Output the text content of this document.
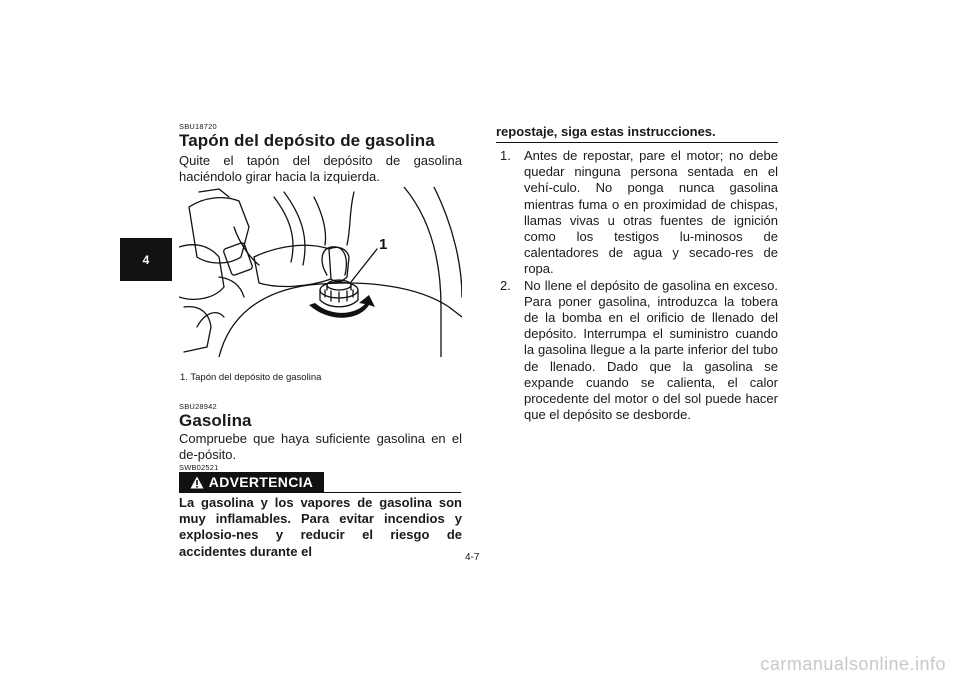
4
SBU18720
Tapón del depósito de gasolina
Quite el tapón del depósito de gasolina haciéndolo girar hacia la izquierda.
1
1. Tapón del depósito de gasolina
SBU28942
Gasolina
Compruebe que haya suficiente gasolina en el de-pósito.
SWB02521
ADVERTENCIA
La gasolina y los vapores de gasolina son muy inflamables. Para evitar incendios y explosio-nes y reducir el riesgo de accidentes durante el
repostaje, siga estas instrucciones.
1.	Antes de repostar, pare el motor; no debe quedar ninguna persona sentada en el vehí-culo. No ponga nunca gasolina mientras fuma o en proximidad de chispas, llamas vivas u otras fuentes de ignición como los testigos lu-minosos de calentadores de agua y secado-res de ropa.
2.	No llene el depósito de gasolina en exceso. Para poner gasolina, introduzca la tobera de la bomba en el orificio de llenado del depósito. Interrumpa el suministro cuando la gasolina llegue a la parte inferior del tubo de llenado. Dado que la gasolina se expande cuando se calienta, el calor procedente del motor o del sol puede hacer que el depósito se desborde.
4-7
carmanualsonline.info
